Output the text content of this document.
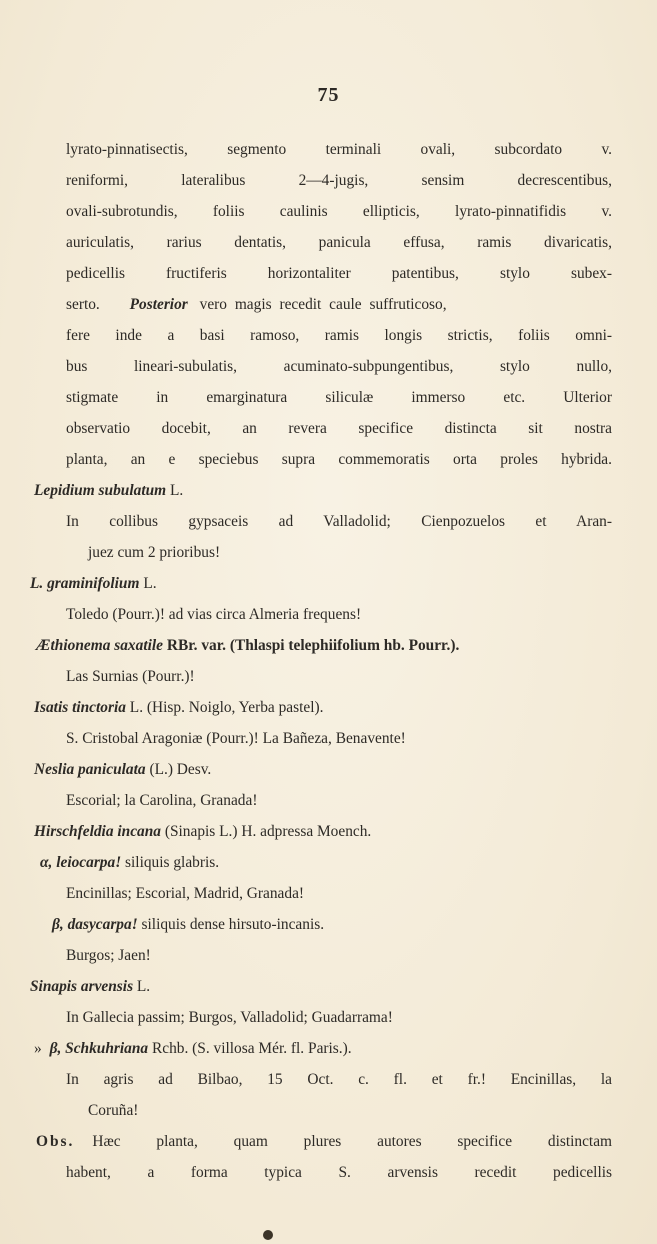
75
lyrato-pinnatisectis, segmento terminali ovali, subcordato v.
reniformi, lateralibus 2—4-jugis, sensim decrescentibus,
ovali-subrotundis, foliis caulinis ellipticis, lyrato-pinnatifidis v.
auriculatis, rarius dentatis, panicula effusa, ramis divaricatis,
pedicellis fructiferis horizontaliter patentibus, stylo subex-
serto. Posterior vero magis recedit caule suffruticoso,
fere inde a basi ramoso, ramis longis strictis, foliis omni-
bus lineari-subulatis, acuminato-subpungentibus, stylo nullo,
stigmate in emarginatura siliculæ immerso etc. Ulterior
observatio docebit, an revera specifice distincta sit nostra
planta, an e speciebus supra commemoratis orta proles hybrida.
Lepidium subulatum L.
In collibus gypsaceis ad Valladolid; Cienpozuelos et Aran-
juez cum 2 prioribus!
L. graminifolium L.
Toledo (Pourr.)! ad vias circa Almeria frequens!
Æthionema saxatile RBr. var. (Thlaspi telephiifolium hb. Pourr.).
Las Surnias (Pourr.)!
Isatis tinctoria L. (Hisp. Noiglo, Yerba pastel).
S. Cristobal Aragoniæ (Pourr.)! La Bañeza, Benavente!
Neslia paniculata (L.) Desv.
Escorial; la Carolina, Granada!
Hirschfeldia incana (Sinapis L.) H. adpressa Moench.
α, leiocarpa! siliquis glabris.
Encinillas; Escorial, Madrid, Granada!
β, dasycarpa! siliquis dense hirsuto-incanis.
Burgos; Jaen!
Sinapis arvensis L.
In Gallecia passim; Burgos, Valladolid; Guadarrama!
» β, Schkuhriana Rchb. (S. villosa Mér. fl. Paris.).
In agris ad Bilbao, 15 Oct. c. fl. et fr.! Encinillas, la
Coruña!
Obs. Hæc planta, quam plures autores specifice distinctam
habent, a forma typica S. arvensis recedit pedicellis
